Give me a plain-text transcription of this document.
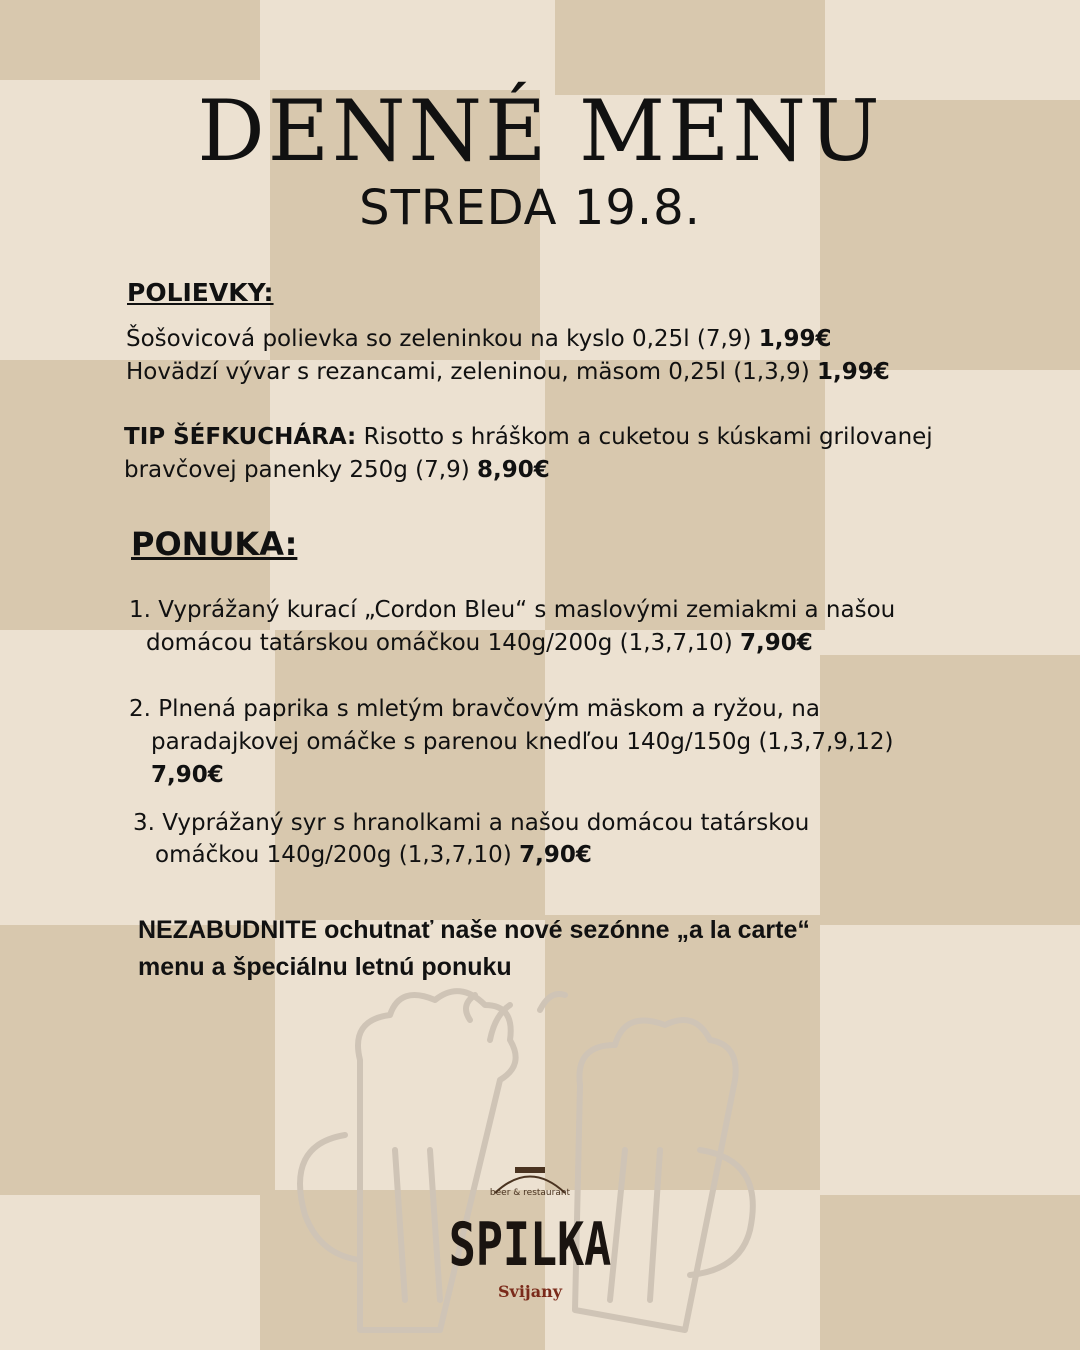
DENNÉ MENU
STREDA 19.8.
POLIEVKY:
Šošovicová polievka so zeleninkou na kyslo 0,25l (7,9) 1,99€
Hovädzí vývar s rezancami, zeleninou, mäsom 0,25l (1,3,9) 1,99€
TIP ŠÉFKUCHÁRA: Risotto s hráškom a cuketou s kúskami grilovanej
bravčovej panenky 250g (7,9) 8,90€
PONUKA:
1. Vyprážaný kurací „Cordon Bleu“ s maslovými zemiakmi a našou
domácou tatárskou omáčkou 140g/200g (1,3,7,10) 7,90€
2. Plnená paprika s mletým bravčovým mäskom a ryžou, na
paradajkovej omáčke s parenou knedľou 140g/150g (1,3,7,9,12)
7,90€
3. Vyprážaný syr s hranolkami a našou domácou tatárskou
omáčkou 140g/200g (1,3,7,10) 7,90€
NEZABUDNITE ochutnať naše nové sezónne „a la carte“
menu a špeciálnu letnú ponuku
beer & restaurant
SPILKA
Svijany
